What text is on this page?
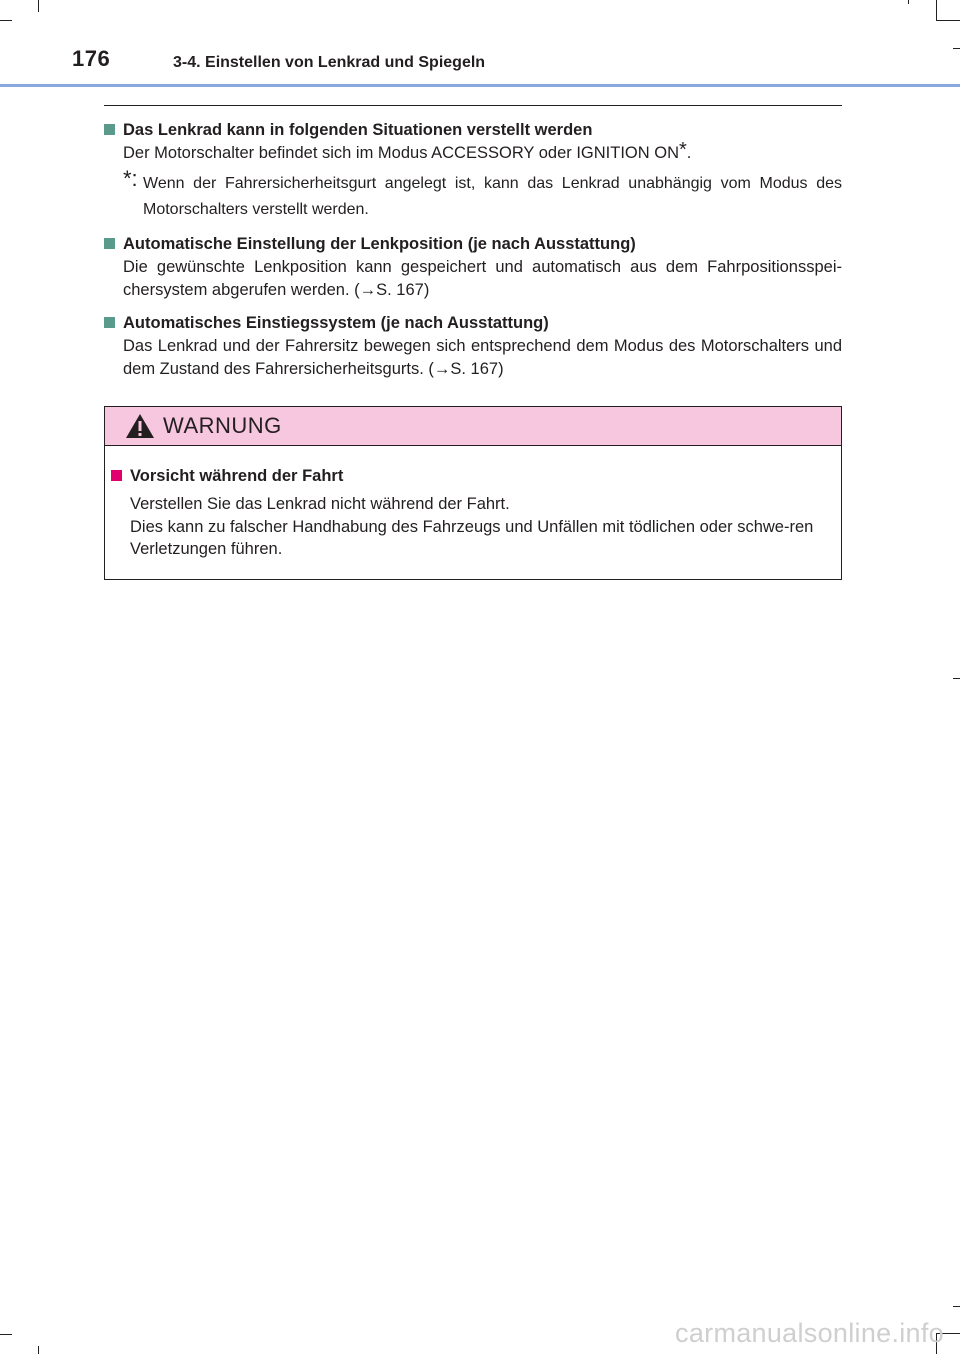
176	3-4. Einstellen von Lenkrad und Spiegeln
Das Lenkrad kann in folgenden Situationen verstellt werden
Der Motorschalter befindet sich im Modus ACCESSORY oder IGNITION ON*.
*: Wenn der Fahrersicherheitsgurt angelegt ist, kann das Lenkrad unabhängig vom Modus des Motorschalters verstellt werden.
Automatische Einstellung der Lenkposition (je nach Ausstattung)
Die gewünschte Lenkposition kann gespeichert und automatisch aus dem Fahrpositionsspei-chersystem abgerufen werden. (→S. 167)
Automatisches Einstiegssystem (je nach Ausstattung)
Das Lenkrad und der Fahrersitz bewegen sich entsprechend dem Modus des Motorschalters und dem Zustand des Fahrersicherheitsgurts. (→S. 167)
WARNUNG
Vorsicht während der Fahrt
Verstellen Sie das Lenkrad nicht während der Fahrt.
Dies kann zu falscher Handhabung des Fahrzeugs und Unfällen mit tödlichen oder schwe-ren Verletzungen führen.
carmanualsonline.info
